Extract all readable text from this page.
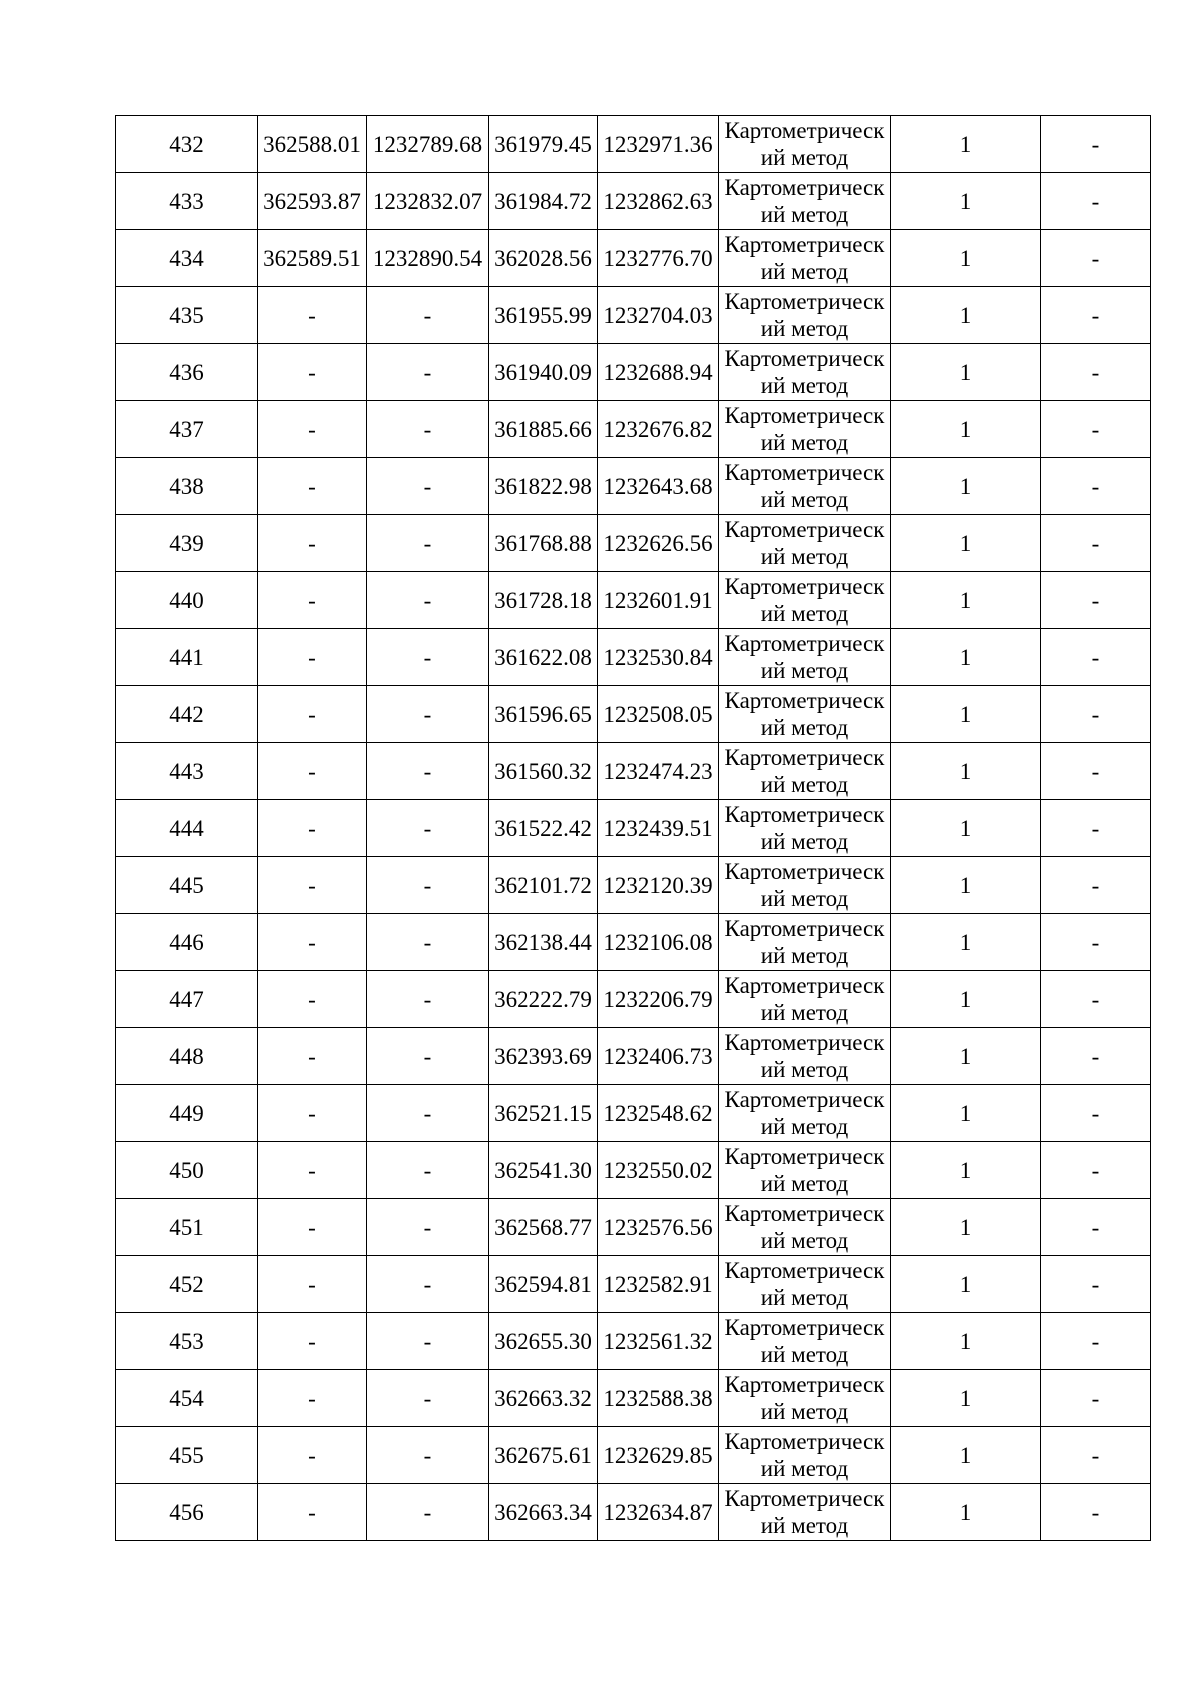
432	362588.01	1232789.68	361979.45	1232971.36	Картометрический метод	1	-
433	362593.87	1232832.07	361984.72	1232862.63	Картометрический метод	1	-
434	362589.51	1232890.54	362028.56	1232776.70	Картометрический метод	1	-
435	-	-	361955.99	1232704.03	Картометрический метод	1	-
436	-	-	361940.09	1232688.94	Картометрический метод	1	-
437	-	-	361885.66	1232676.82	Картометрический метод	1	-
438	-	-	361822.98	1232643.68	Картометрический метод	1	-
439	-	-	361768.88	1232626.56	Картометрический метод	1	-
440	-	-	361728.18	1232601.91	Картометрический метод	1	-
441	-	-	361622.08	1232530.84	Картометрический метод	1	-
442	-	-	361596.65	1232508.05	Картометрический метод	1	-
443	-	-	361560.32	1232474.23	Картометрический метод	1	-
444	-	-	361522.42	1232439.51	Картометрический метод	1	-
445	-	-	362101.72	1232120.39	Картометрический метод	1	-
446	-	-	362138.44	1232106.08	Картометрический метод	1	-
447	-	-	362222.79	1232206.79	Картометрический метод	1	-
448	-	-	362393.69	1232406.73	Картометрический метод	1	-
449	-	-	362521.15	1232548.62	Картометрический метод	1	-
450	-	-	362541.30	1232550.02	Картометрический метод	1	-
451	-	-	362568.77	1232576.56	Картометрический метод	1	-
452	-	-	362594.81	1232582.91	Картометрический метод	1	-
453	-	-	362655.30	1232561.32	Картометрический метод	1	-
454	-	-	362663.32	1232588.38	Картометрический метод	1	-
455	-	-	362675.61	1232629.85	Картометрический метод	1	-
456	-	-	362663.34	1232634.87	Картометрический метод	1	-
